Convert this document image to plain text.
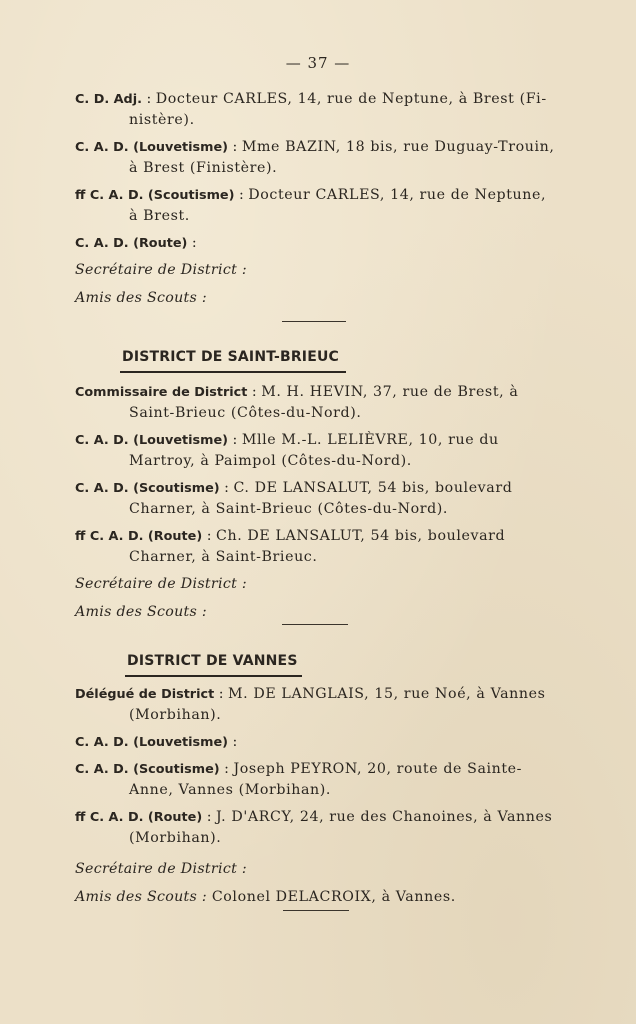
— 37 —
C. D. Adj. : Docteur CARLES, 14, rue de Neptune, à Brest (Fi-nistère).
C. A. D. (Louvetisme) : Mme BAZIN, 18 bis, rue Duguay-Trouin, à Brest (Finistère).
ff C. A. D. (Scoutisme) : Docteur CARLES, 14, rue de Neptune, à Brest.
C. A. D. (Route) :
Secrétaire de District :
Amis des Scouts :
DISTRICT DE SAINT-BRIEUC
Commissaire de District : M. H. HEVIN, 37, rue de Brest, à Saint-Brieuc (Côtes-du-Nord).
C. A. D. (Louvetisme) : Mlle M.-L. LELIÈVRE, 10, rue du Martroy, à Paimpol (Côtes-du-Nord).
C. A. D. (Scoutisme) : C. DE LANSALUT, 54 bis, boulevard Charner, à Saint-Brieuc (Côtes-du-Nord).
ff C. A. D. (Route) : Ch. DE LANSALUT, 54 bis, boulevard Charner, à Saint-Brieuc.
Secrétaire de District :
Amis des Scouts :
DISTRICT DE VANNES
Délégué de District : M. DE LANGLAIS, 15, rue Noé, à Vannes (Morbihan).
C. A. D. (Louvetisme) :
C. A. D. (Scoutisme) : Joseph PEYRON, 20, route de Sainte-Anne, Vannes (Morbihan).
ff C. A. D. (Route) : J. D'ARCY, 24, rue des Chanoines, à Vannes (Morbihan).
Secrétaire de District :
Amis des Scouts : Colonel DELACROIX, à Vannes.
